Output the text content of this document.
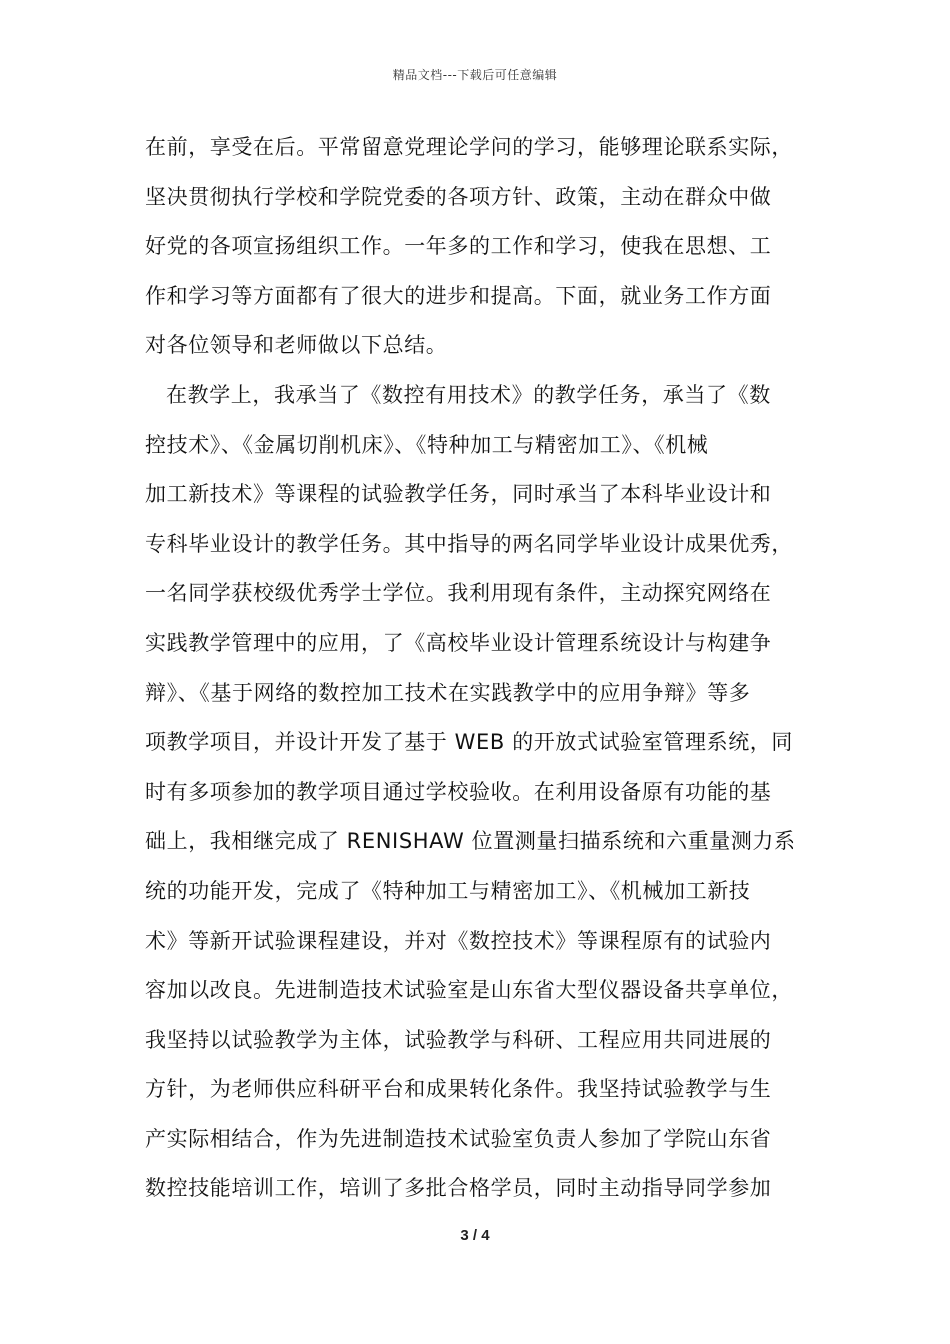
精品文档---下载后可任意编辑
在前，享受在后。平常留意党理论学问的学习，能够理论联系实际，
坚决贯彻执行学校和学院党委的各项方针、政策，主动在群众中做
好党的各项宣扬组织工作。一年多的工作和学习，使我在思想、工
作和学习等方面都有了很大的进步和提高。下面，就业务工作方面
对各位领导和老师做以下总结。
在教学上，我承当了《数控有用技术》的教学任务，承当了《数
控技术》、《金属切削机床》、《特种加工与精密加工》、《机械
加工新技术》等课程的试验教学任务，同时承当了本科毕业设计和
专科毕业设计的教学任务。其中指导的两名同学毕业设计成果优秀，
一名同学获校级优秀学士学位。我利用现有条件，主动探究网络在
实践教学管理中的应用，了《高校毕业设计管理系统设计与构建争
辩》、《基于网络的数控加工技术在实践教学中的应用争辩》等多
项教学项目，并设计开发了基于 WEB 的开放式试验室管理系统，同
时有多项参加的教学项目通过学校验收。在利用设备原有功能的基
础上，我相继完成了 RENISHAW 位置测量扫描系统和六重量测力系
统的功能开发，完成了《特种加工与精密加工》、《机械加工新技
术》等新开试验课程建设，并对《数控技术》等课程原有的试验内
容加以改良。先进制造技术试验室是山东省大型仪器设备共享单位，
我坚持以试验教学为主体，试验教学与科研、工程应用共同进展的
方针，为老师供应科研平台和成果转化条件。我坚持试验教学与生
产实际相结合，作为先进制造技术试验室负责人参加了学院山东省
数控技能培训工作，培训了多批合格学员，同时主动指导同学参加
3 / 4
